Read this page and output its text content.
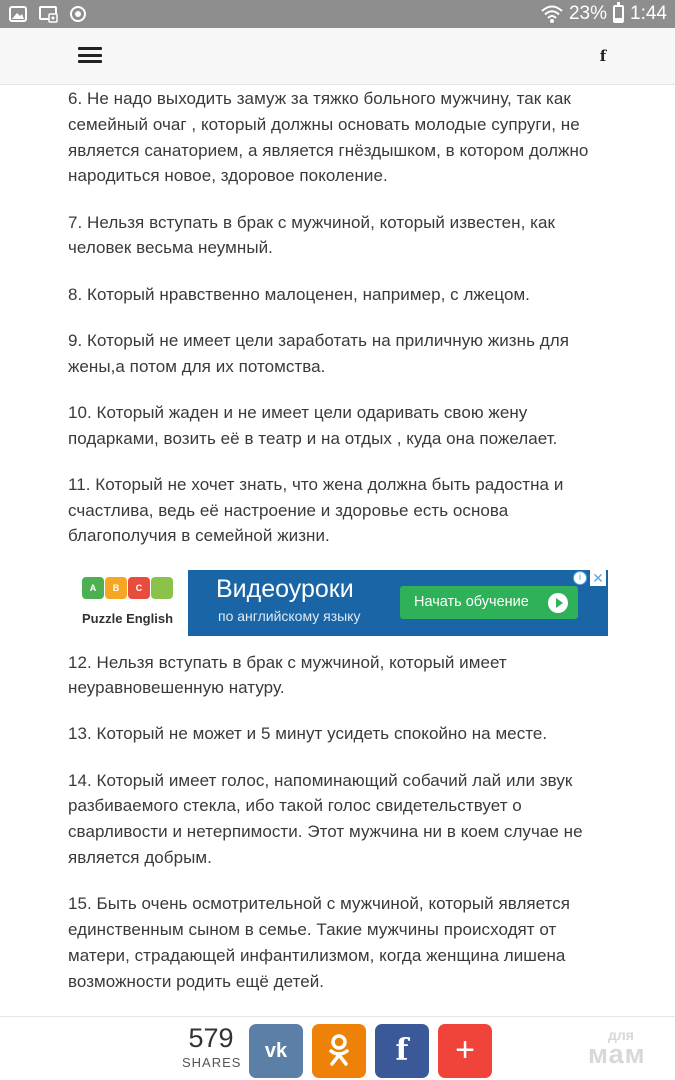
23% 1:44
f

6. Не надо выходить замуж за тяжко больного мужчину, так как семейный очаг , который должны основать молодые супруги, не является санаторием, а является гнёздышком, в котором должно народиться новое, здоровое поколение.

7. Нельзя вступать в брак с мужчиной, который известен, как человек весьма неумный.

8. Который нравственно малоценен, например, с лжецом.

9. Который не имеет цели заработать на приличную жизнь для жены,а потом для их потомства.

10. Который жаден и не имеет цели одаривать свою жену подарками, возить её в театр и на отдых , куда она пожелает.

11. Который не хочет знать, что жена должна быть радостна и счастлива, ведь её настроение и здоровье есть основа благополучия в семейной жизни.

A	B	C
Puzzle English
Видеоуроки
по английскому языку
Начать обучение
i ✕

12. Нельзя вступать в брак с мужчиной, который имеет неуравновешенную натуру.

13. Который не может и 5 минут усидеть спокойно на месте.

14. Который имеет голос, напоминающий собачий лай или звук разбиваемого стекла, ибо такой голос свидетельствует о сварливости и нетерпимости. Этот мужчина ни в коем случае не является добрым.

15. Быть очень осмотрительной с мужчиной, который является единственным сыном в семье. Такие мужчины происходят от матери, страдающей инфантилизмом, когда женщина лишена возможности родить ещё детей.

579
SHARES
vk	f	+	для
мам
